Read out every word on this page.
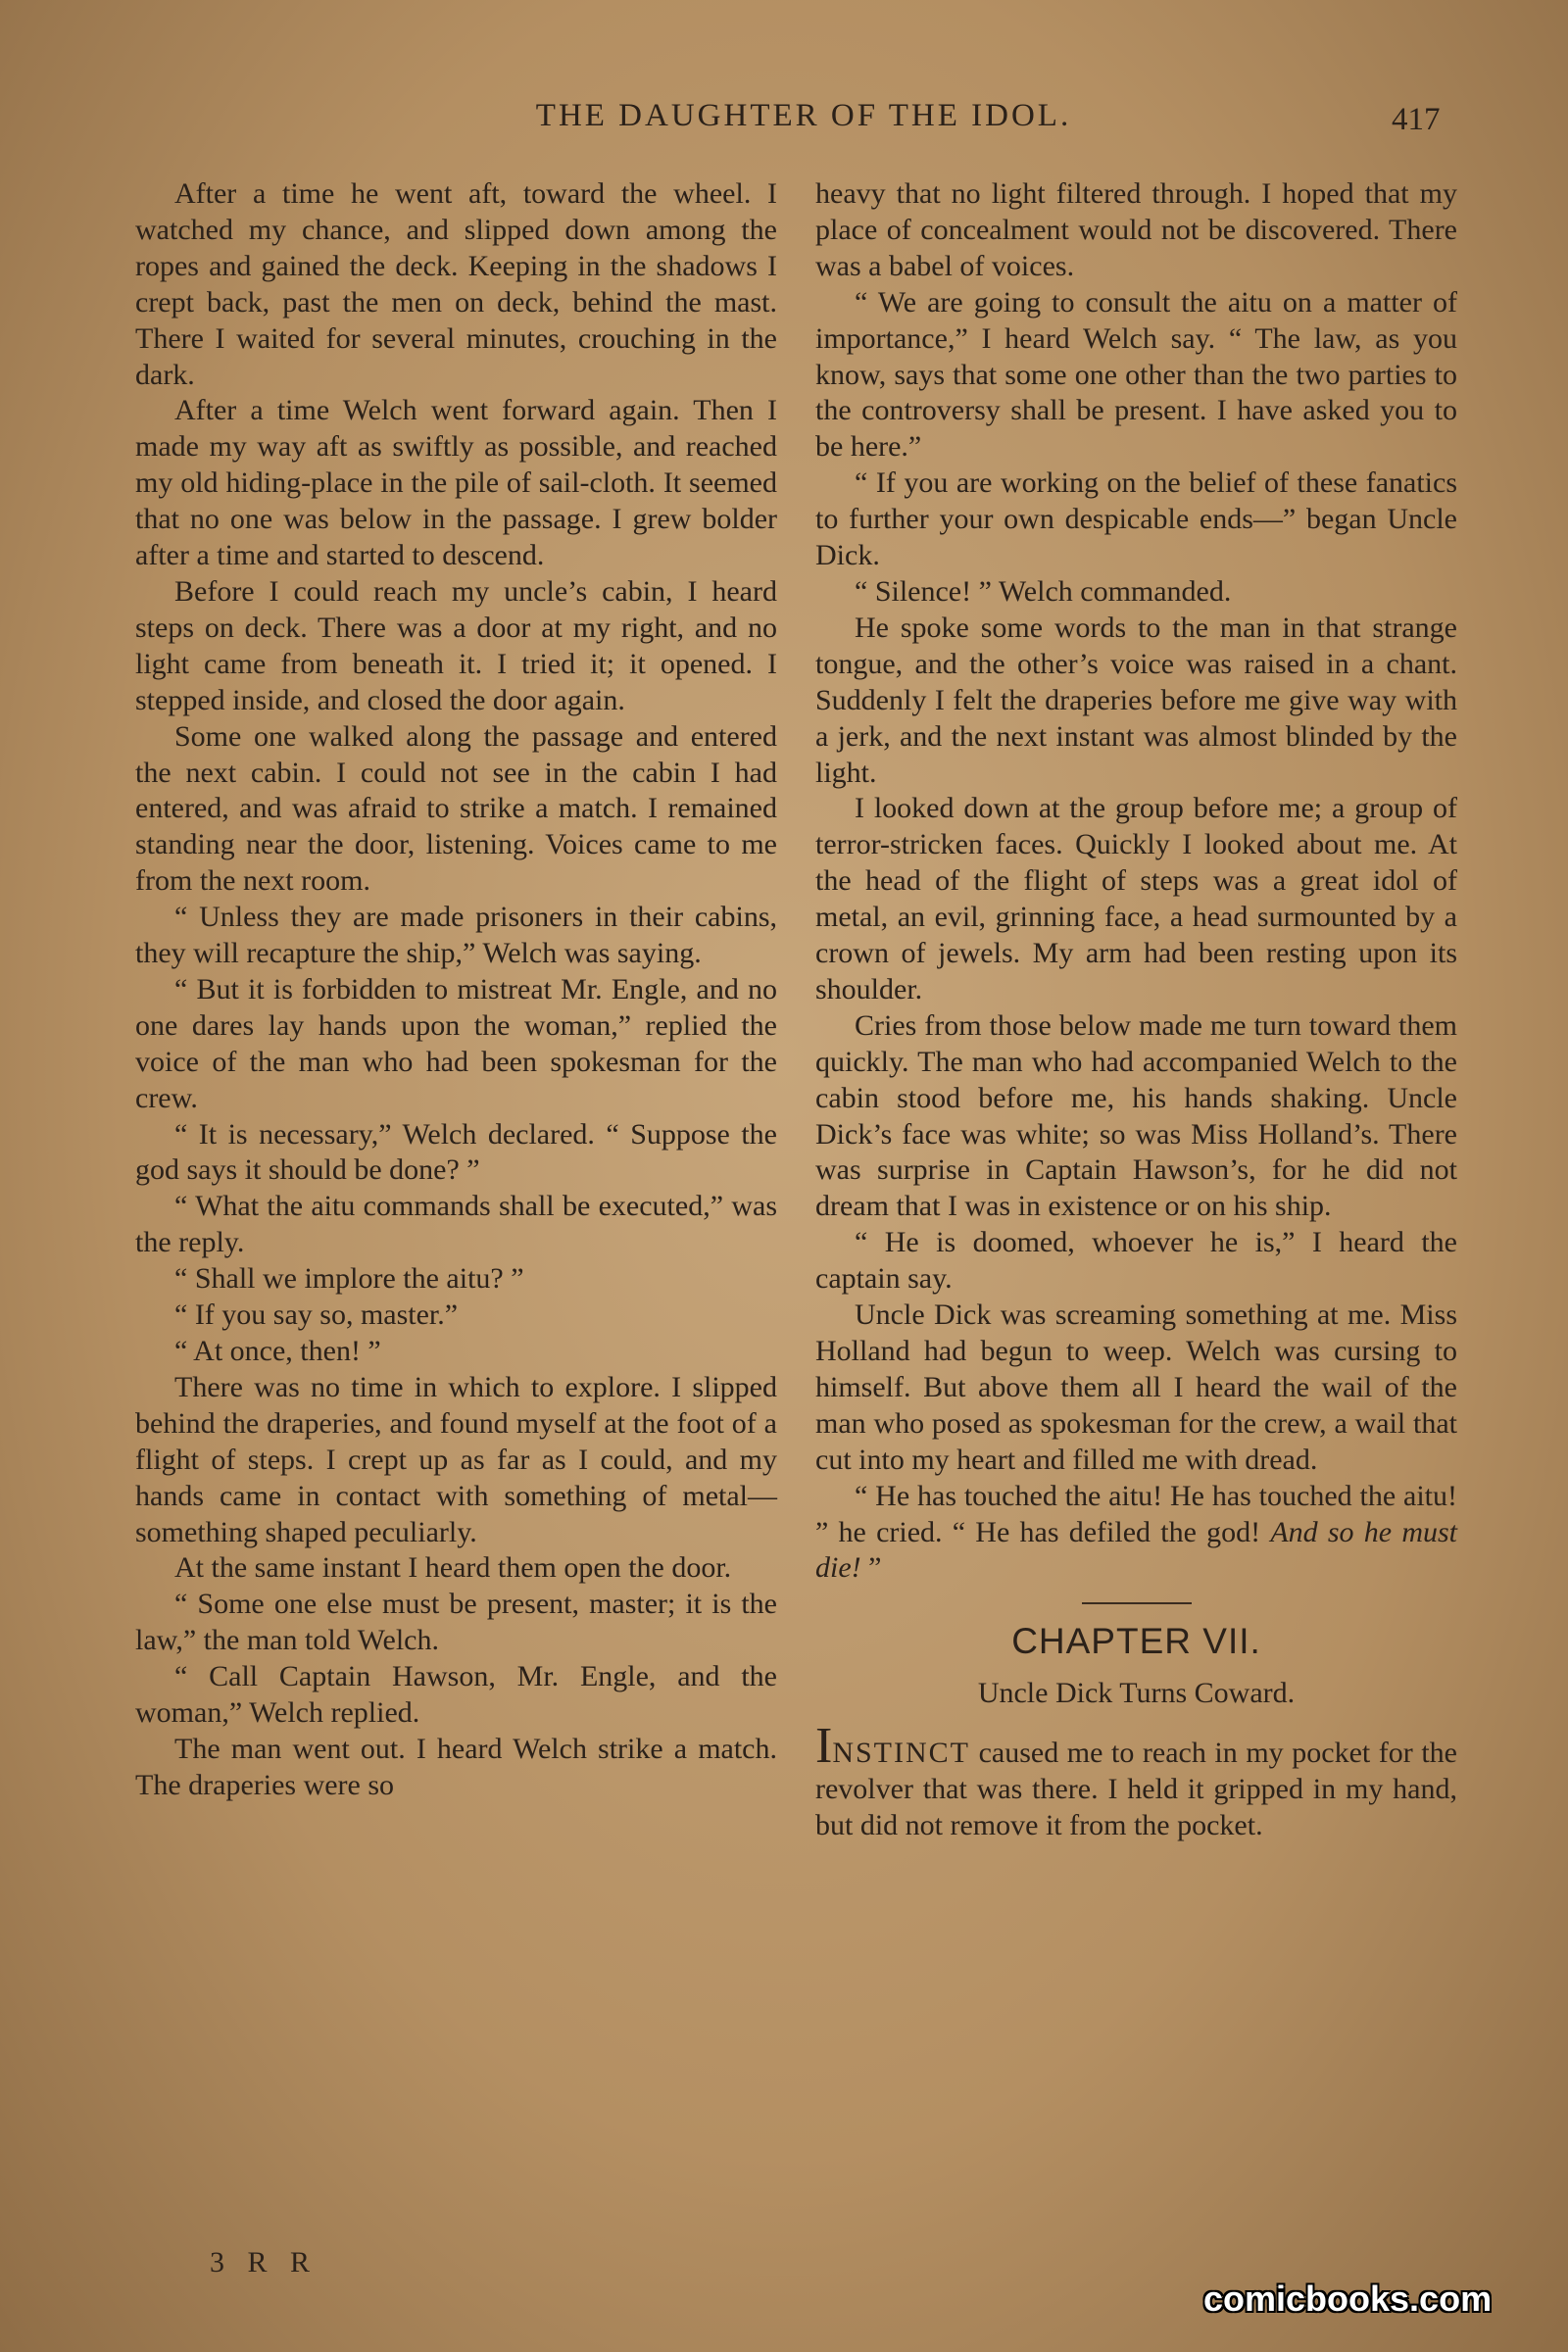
THE DAUGHTER OF THE IDOL.	417

After a time he went aft, toward the wheel. I watched my chance, and slipped down among the ropes and gained the deck. Keeping in the shadows I crept back, past the men on deck, behind the mast. There I waited for several minutes, crouching in the dark.

After a time Welch went forward again. Then I made my way aft as swiftly as possible, and reached my old hiding-place in the pile of sail-cloth. It seemed that no one was below in the passage. I grew bolder after a time and started to descend.

Before I could reach my uncle’s cabin, I heard steps on deck. There was a door at my right, and no light came from beneath it. I tried it; it opened. I stepped inside, and closed the door again.

Some one walked along the passage and entered the next cabin. I could not see in the cabin I had entered, and was afraid to strike a match. I remained standing near the door, listening. Voices came to me from the next room.

“ Unless they are made prisoners in their cabins, they will recapture the ship,” Welch was saying.

“ But it is forbidden to mistreat Mr. Engle, and no one dares lay hands upon the woman,” replied the voice of the man who had been spokesman for the crew.

“ It is necessary,” Welch declared. “ Suppose the god says it should be done? ”

“ What the aitu commands shall be executed,” was the reply.

“ Shall we implore the aitu? ”

“ If you say so, master.”

“ At once, then! ”

There was no time in which to explore. I slipped behind the draperies, and found myself at the foot of a flight of steps. I crept up as far as I could, and my hands came in contact with something of metal—something shaped peculiarly.

At the same instant I heard them open the door.

“ Some one else must be present, master; it is the law,” the man told Welch.

“ Call Captain Hawson, Mr. Engle, and the woman,” Welch replied.

The man went out. I heard Welch strike a match. The draperies were so

heavy that no light filtered through. I hoped that my place of concealment would not be discovered. There was a babel of voices.

“ We are going to consult the aitu on a matter of importance,” I heard Welch say. “ The law, as you know, says that some one other than the two parties to the controversy shall be present. I have asked you to be here.”

“ If you are working on the belief of these fanatics to further your own despicable ends—” began Uncle Dick.

“ Silence! ” Welch commanded.

He spoke some words to the man in that strange tongue, and the other’s voice was raised in a chant. Suddenly I felt the draperies before me give way with a jerk, and the next instant was almost blinded by the light.

I looked down at the group before me; a group of terror-stricken faces. Quickly I looked about me. At the head of the flight of steps was a great idol of metal, an evil, grinning face, a head surmounted by a crown of jewels. My arm had been resting upon its shoulder.

Cries from those below made me turn toward them quickly. The man who had accompanied Welch to the cabin stood before me, his hands shaking. Uncle Dick’s face was white; so was Miss Holland’s. There was surprise in Captain Hawson’s, for he did not dream that I was in existence or on his ship.

“ He is doomed, whoever he is,” I heard the captain say.

Uncle Dick was screaming something at me. Miss Holland had begun to weep. Welch was cursing to himself. But above them all I heard the wail of the man who posed as spokesman for the crew, a wail that cut into my heart and filled me with dread.

“ He has touched the aitu! He has touched the aitu! ” he cried. “ He has defiled the god! And so he must die! ”

CHAPTER VII.
Uncle Dick Turns Coward.

INSTINCT caused me to reach in my pocket for the revolver that was there. I held it gripped in my hand, but did not remove it from the pocket.

3 R R
comicbooks.com
